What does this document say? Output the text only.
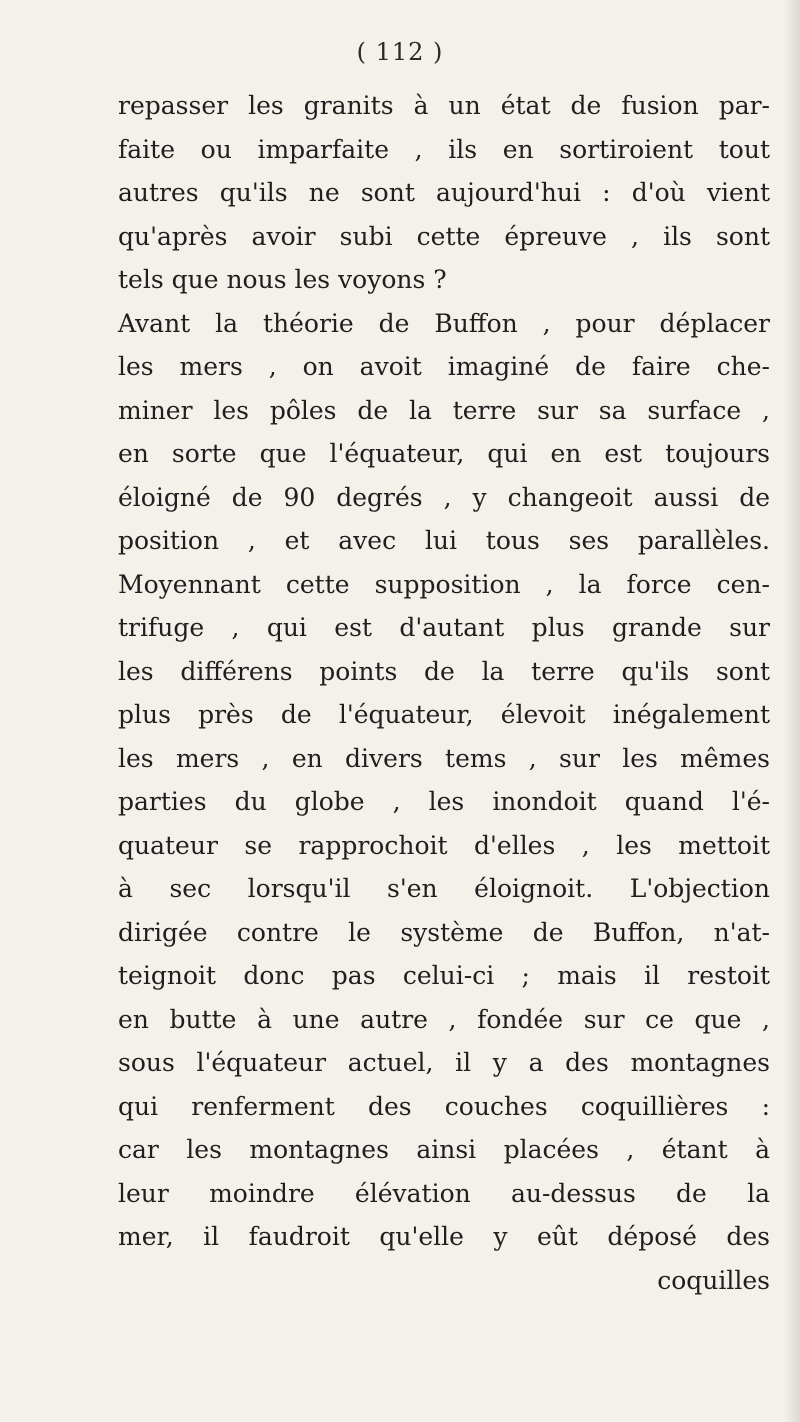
( 112 )
repasser les granits à un état de fusion par-
faite ou imparfaite , ils en sortiroient tout
autres qu'ils ne sont aujourd'hui : d'où vient
qu'après avoir subi cette épreuve , ils sont
tels que nous les voyons ?
Avant la théorie de Buffon , pour déplacer
les mers , on avoit imaginé de faire che-
miner les pôles de la terre sur sa surface ,
en sorte que l'équateur, qui en est toujours
éloigné de 90 degrés , y changeoit aussi de
position , et avec lui tous ses parallèles.
Moyennant cette supposition , la force cen-
trifuge , qui est d'autant plus grande sur
les différens points de la terre qu'ils sont
plus près de l'équateur, élevoit inégalement
les mers , en divers tems , sur les mêmes
parties du globe , les inondoit quand l'é-
quateur se rapprochoit d'elles , les mettoit
à sec lorsqu'il s'en éloignoit. L'objection
dirigée contre le système de Buffon, n'at-
teignoit donc pas celui-ci ; mais il restoit
en butte à une autre , fondée sur ce que ,
sous l'équateur actuel, il y a des montagnes
qui renferment des couches coquillières :
car les montagnes ainsi placées , étant à
leur moindre élévation au-dessus de la
mer, il faudroit qu'elle y eût déposé des
coquilles
